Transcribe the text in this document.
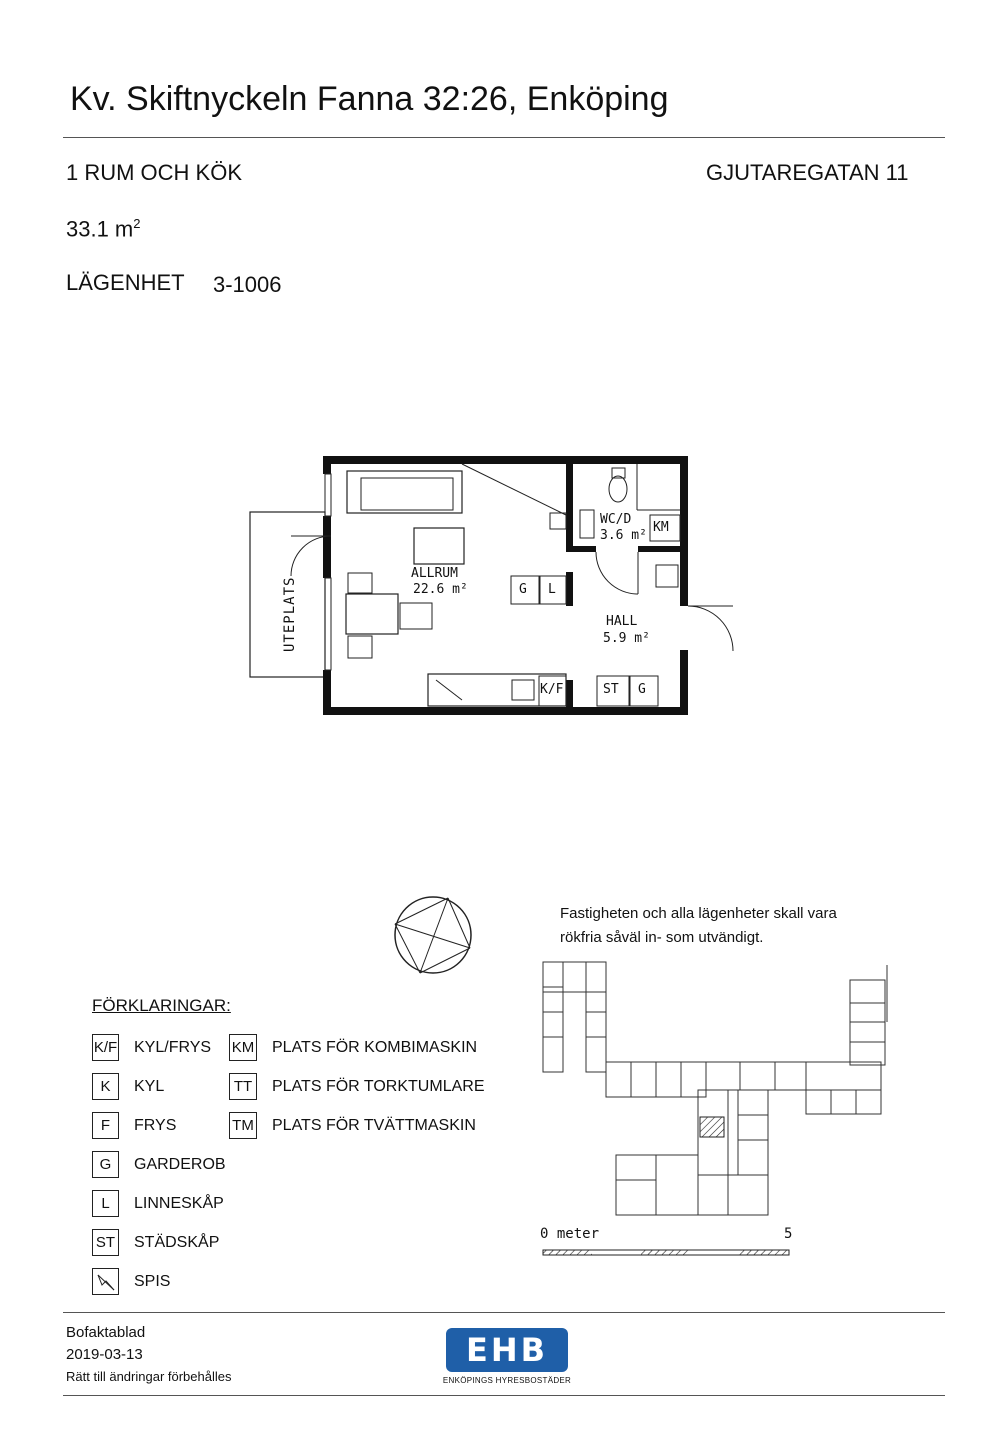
Kv. Skiftnyckeln Fanna 32:26, Enköping
1 RUM OCH KÖK	GJUTAREGATAN 11
33.1 $m^2$
LÄGENHET 3-1006
UTEPLATS
ALLRUM
22.6 m²
WC/D
3.6 m²
HALL
5.9 m²
KM
G L
K/F	ST G
FÖRKLARINGAR:
K/F KYL/FRYS
K	KYL
F	FRYS
G	GARDEROB
L	LINNESKÅP
ST STÄDSKÅP
SPIS
KM PLATS FÖR KOMBIMASKIN
TT	PLATS FÖR TORKTUMLARE
TM PLATS FÖR TVÄTTMASKIN
Fastigheten och alla lägenheter skall vara
rökfria såväl in- som utvändigt.
0 meter	5
Bofaktablad
2019-03-13
Rätt till ändringar förbehålles
EHB
ENKÖPINGS HYRESBOSTÄDER
